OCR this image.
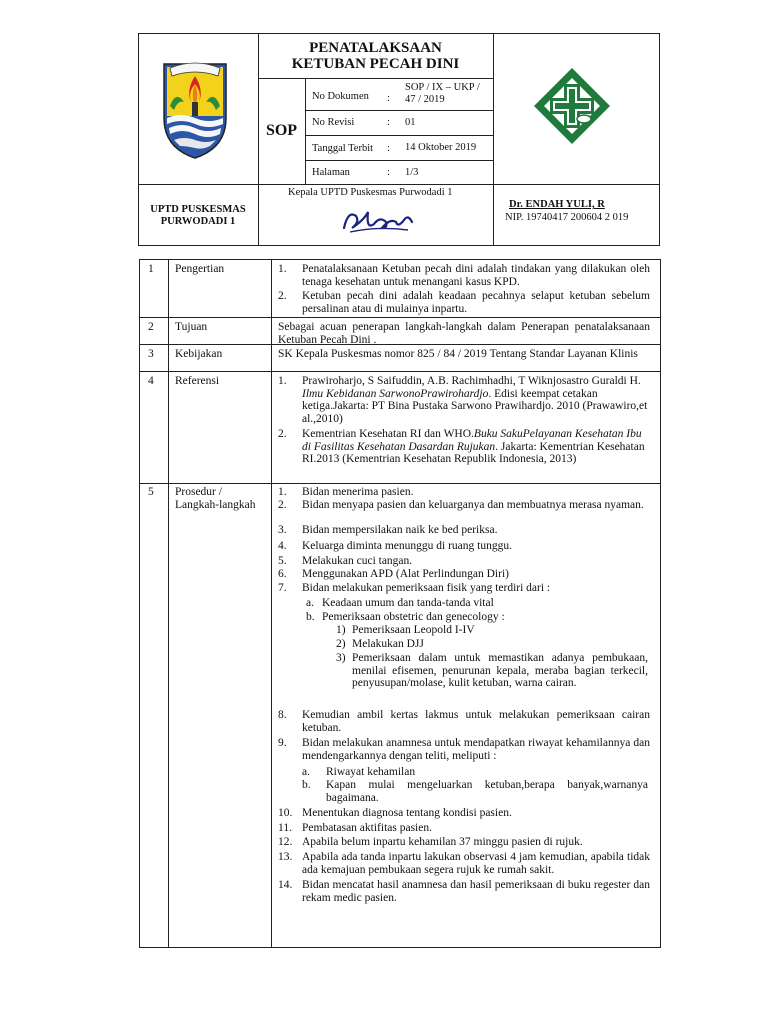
PENATALAKSAAN
KETUBAN PECAH DINI
SOP
No Dokumen :
SOP / IX – UKP /
47 / 2019
No Revisi	: 01
Tanggal Terbit : 14 Oktober 2019
Halaman	: 1/3
UPTD PUSKESMAS
PURWODADI 1
Kepala UPTD Puskesmas Purwodadi 1
Dr. ENDAH YULI, R
NIP. 19740417 200604 2 019
1 Pengertian	1.	Penatalaksanaan Ketuban pecah dini adalah tindakan yang dilakukan oleh tenaga kesehatan untuk menangani kasus KPD.
2.	Ketuban pecah dini adalah keadaan pecahnya selaput ketuban sebelum persalinan atau di mulainya inpartu.
2 Tujuan	Sebagai acuan penerapan langkah-langkah dalam Penerapan penatalaksanaan Ketuban Pecah Dini .
3 Kebijakan	SK Kepala Puskesmas nomor 825 / 84 / 2019 Tentang Standar Layanan Klinis
4 Referensi	1.	Prawiroharjo, S Saifuddin, A.B. Rachimhadhi, T Wiknjosastro Guraldi H. Ilmu Kebidanan SarwonoPrawirohardjo. Edisi keempat cetakan ketiga.Jakarta: PT Bina Pustaka Sarwono Prawihardjo. 2010 (Prawawiro,et al.,2010)
2.	Kementrian Kesehatan RI dan WHO.Buku SakuPelayanan Kesehatan Ibu di Fasilitas Kesehatan Dasardan Rujukan. Jakarta: Kementrian Kesehatan RI.2013 (Kementrian Kesehatan Republik Indonesia, 2013)
5 Prosedur /
Langkah-langkah
1.	Bidan menerima pasien.
2.	Bidan menyapa pasien dan keluarganya dan membuatnya merasa nyaman.
3.	Bidan mempersilakan naik ke bed periksa.
4.	Keluarga diminta menunggu di ruang tunggu.
5.	Melakukan cuci tangan.
6.	Menggunakan APD (Alat Perlindungan Diri)
7.	Bidan melakukan pemeriksaan fisik yang terdiri dari :
a. Keadaan umum dan tanda-tanda vital
b. Pemeriksaan obstetric dan genecology :
1) Pemeriksaan Leopold I-IV
2) Melakukan DJJ
3) Pemeriksaan dalam untuk memastikan adanya pembukaan, menilai efisemen, penurunan kepala, meraba bagian terkecil, penyusupan/molase, kulit ketuban, warna cairan.
8.	Kemudian ambil kertas lakmus untuk melakukan pemeriksaan cairan ketuban.
9.	Bidan melakukan anamnesa untuk mendapatkan riwayat kehamilannya dan mendengarkannya dengan teliti, meliputi :
a.	Riwayat kehamilan
b.	Kapan mulai mengeluarkan ketuban,berapa banyak,warnanya bagaimana.
10. Menentukan diagnosa tentang kondisi pasien.
11. Pembatasan aktifitas pasien.
12. Apabila belum inpartu kehamilan 37 minggu pasien di rujuk.
13. Apabila ada tanda inpartu lakukan observasi 4 jam kemudian, apabila tidak ada kemajuan pembukaan segera rujuk ke rumah sakit.
14. Bidan mencatat hasil anamnesa dan hasil pemeriksaan di buku regester dan rekam medic pasien.
